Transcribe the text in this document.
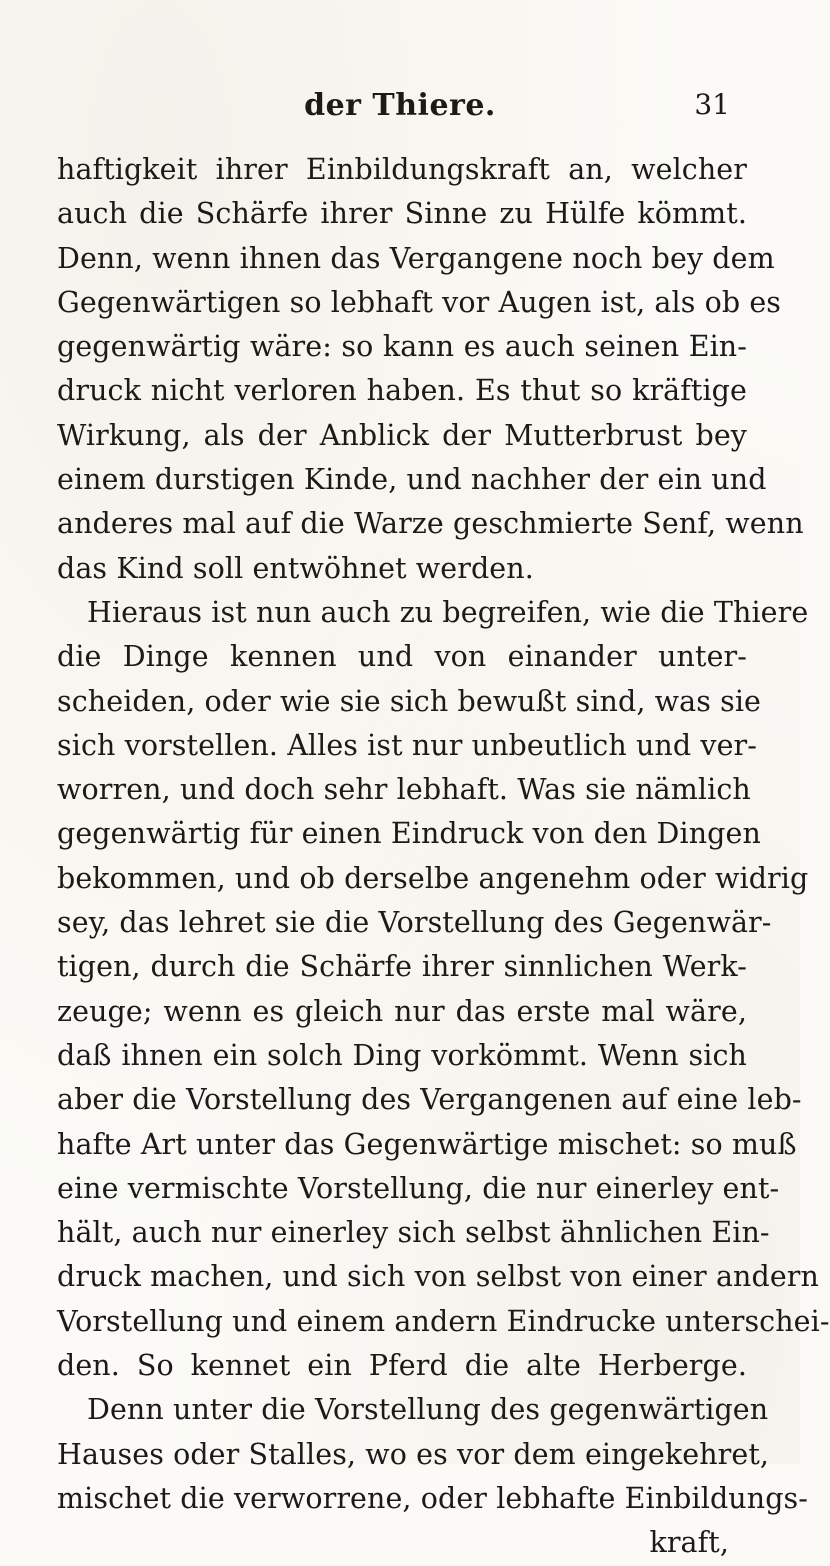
der Thiere.	31
haftigkeit ihrer Einbildungskraft an, welcher
auch die Schärfe ihrer Sinne zu Hülfe kömmt.
Denn, wenn ihnen das Vergangene noch bey dem
Gegenwärtigen so lebhaft vor Augen ist, als ob es
gegenwärtig wäre: so kann es auch seinen Ein-
druck nicht verloren haben. Es thut so kräftige
Wirkung, als der Anblick der Mutterbrust bey
einem durstigen Kinde, und nachher der ein und
anderes mal auf die Warze geschmierte Senf, wenn
das Kind soll entwöhnet werden.
Hieraus ist nun auch zu begreifen, wie die Thiere
die Dinge kennen und von einander unter-
scheiden, oder wie sie sich bewußt sind, was sie
sich vorstellen. Alles ist nur unbeutlich und ver-
worren, und doch sehr lebhaft. Was sie nämlich
gegenwärtig für einen Eindruck von den Dingen
bekommen, und ob derselbe angenehm oder widrig
sey, das lehret sie die Vorstellung des Gegenwär-
tigen, durch die Schärfe ihrer sinnlichen Werk-
zeuge; wenn es gleich nur das erste mal wäre,
daß ihnen ein solch Ding vorkömmt. Wenn sich
aber die Vorstellung des Vergangenen auf eine leb-
hafte Art unter das Gegenwärtige mischet: so muß
eine vermischte Vorstellung, die nur einerley ent-
hält, auch nur einerley sich selbst ähnlichen Ein-
druck machen, und sich von selbst von einer andern
Vorstellung und einem andern Eindrucke unterschei-
den. So kennet ein Pferd die alte Herberge.
Denn unter die Vorstellung des gegenwärtigen
Hauses oder Stalles, wo es vor dem eingekehret,
mischet die verworrene, oder lebhafte Einbildungs-
kraft,
